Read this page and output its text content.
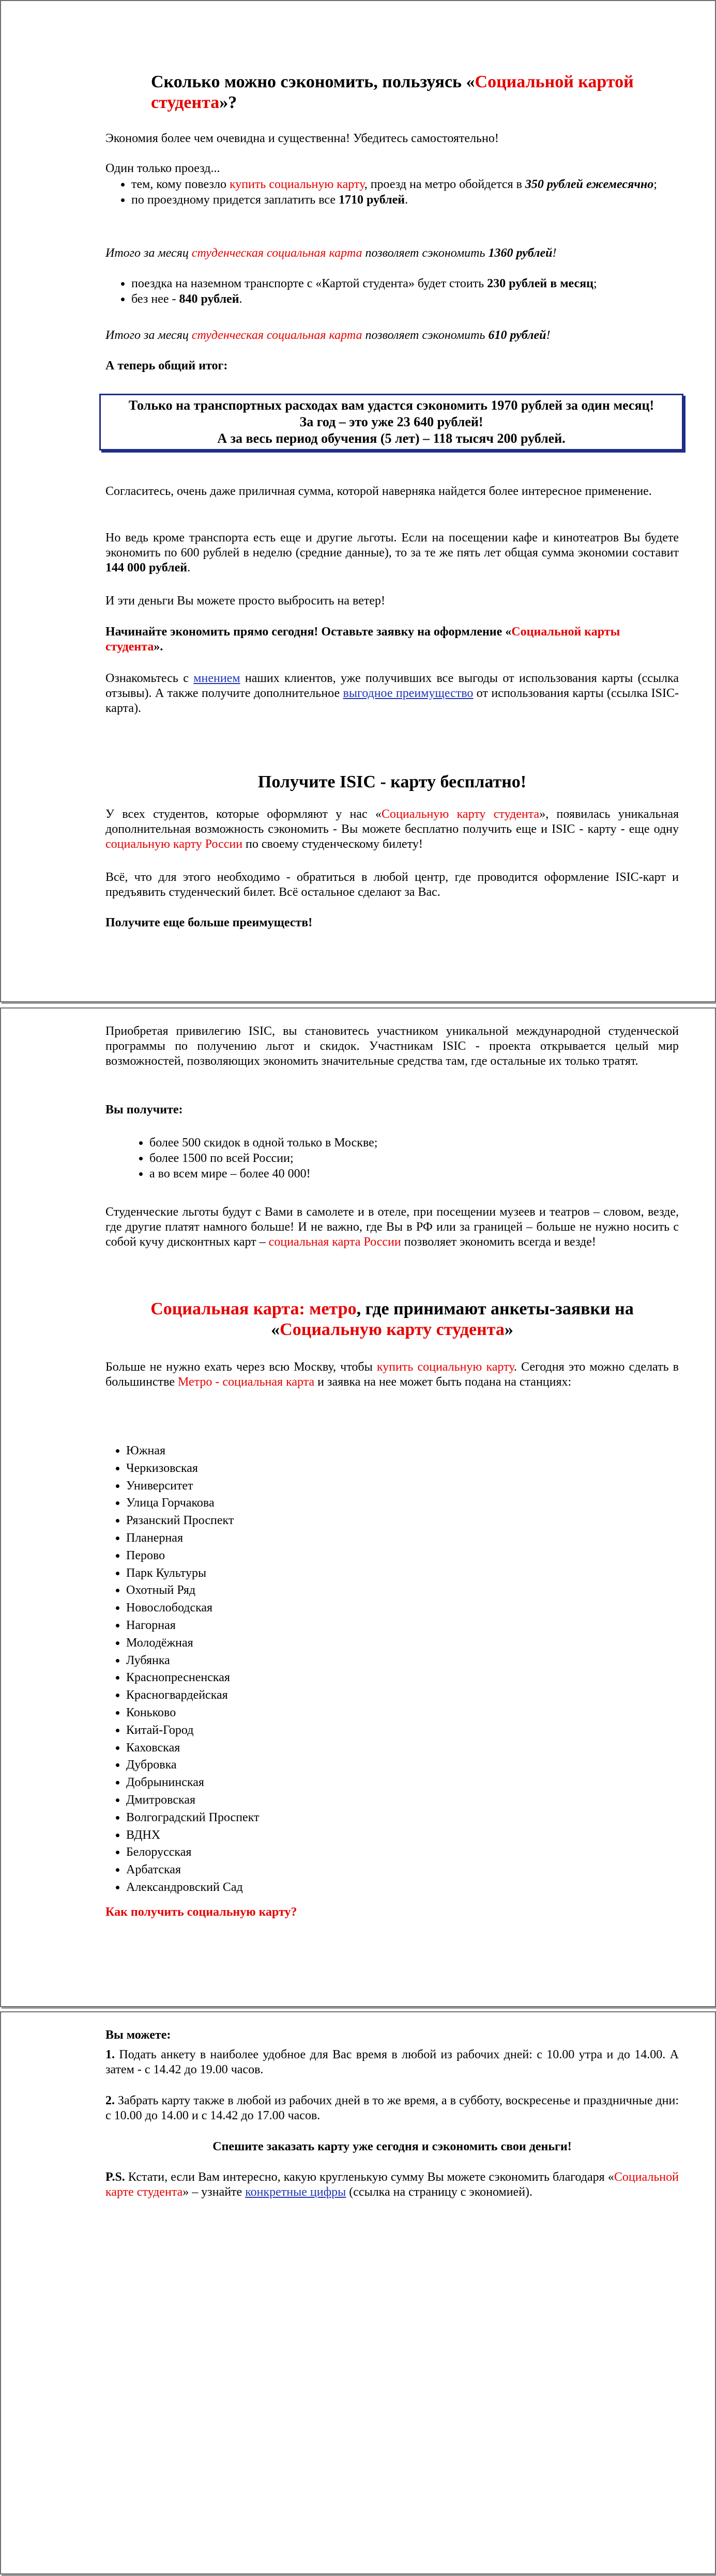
Сколько можно сэкономить, пользуясь «Социальной картой студента»?

Экономия более чем очевидна и существенна! Убедитесь самостоятельно!

Один только проезд...

• тем, кому повезло купить социальную карту, проезд на метро обойдется в 350 рублей ежемесячно;
• по проездному придется заплатить все 1710 рублей.

Итого за месяц студенческая социальная карта позволяет сэкономить 1360 рублей!

• поездка на наземном транспорте с «Картой студента» будет стоить 230 рублей в месяц;
• без нее - 840 рублей.

Итого за месяц студенческая социальная карта позволяет сэкономить 610 рублей!

А теперь общий итог:

Только на транспортных расходах вам удастся сэкономить 1970 рублей за один месяц!
За год – это уже 23 640 рублей!
А за весь период обучения (5 лет) – 118 тысяч 200 рублей.

Согласитесь, очень даже приличная сумма, которой наверняка найдется более интересное применение.

Но ведь кроме транспорта есть еще и другие льготы. Если на посещении кафе и кинотеатров Вы будете экономить по 600 рублей в неделю (средние данные), то за те же пять лет общая сумма экономии составит 144 000 рублей.

И эти деньги Вы можете просто выбросить на ветер!

Начинайте экономить прямо сегодня! Оставьте заявку на оформление «Социальной карты студента».

Ознакомьтесь с мнением наших клиентов, уже получивших все выгоды от использования карты (ссылка отзывы). А также получите дополнительное выгодное преимущество от использования карты (ссылка ISIC-карта).

Получите ISIC - карту бесплатно!

У всех студентов, которые оформляют у нас «Социальную карту студента», появилась уникальная дополнительная возможность сэкономить - Вы можете бесплатно получить еще и ISIC - карту - еще одну социальную карту России по своему студенческому билету!

Всё, что для этого необходимо - обратиться в любой центр, где проводится оформление ISIC-карт и предъявить студенческий билет. Всё остальное сделают за Вас.

Получите еще больше преимуществ!

Приобретая привилегию ISIC, вы становитесь участником уникальной международной студенческой программы по получению льгот и скидок. Участникам ISIC - проекта открывается целый мир возможностей, позволяющих экономить значительные средства там, где остальные их только тратят.

Вы получите:

• более 500 скидок в одной только в Москве;
• более 1500 по всей России;
• а во всем мире – более 40 000!

Студенческие льготы будут с Вами в самолете и в отеле, при посещении музеев и театров – словом, везде, где другие платят намного больше! И не важно, где Вы в РФ или за границей – больше не нужно носить с собой кучу дисконтных карт – социальная карта России позволяет экономить всегда и везде!

Социальная карта: метро, где принимают анкеты-заявки на «Социальную карту студента»

Больше не нужно ехать через всю Москву, чтобы купить социальную карту. Сегодня это можно сделать в большинстве Метро - социальная карта и заявка на нее может быть подана на станциях:

• Южная
• Черкизовская
• Университет
• Улица Горчакова
• Рязанский Проспект
• Планерная
• Перово
• Парк Культуры
• Охотный Ряд
• Новослободская
• Нагорная
• Молодёжная
• Лубянка
• Краснопресненская
• Красногвардейская
• Коньково
• Китай-Город
• Каховская
• Дубровка
• Добрынинская
• Дмитровская
• Волгоградский Проспект
• ВДНХ
• Белорусская
• Арбатская
• Александровский Сад

Как получить социальную карту?

Вы можете:

1. Подать анкету в наиболее удобное для Вас время в любой из рабочих дней: с 10.00 утра и до 14.00. А затем - с 14.42 до 19.00 часов.

2. Забрать карту также в любой из рабочих дней в то же время, а в субботу, воскресенье и праздничные дни: с 10.00 до 14.00 и с 14.42 до 17.00 часов.

Спешите заказать карту уже сегодня и сэкономить свои деньги!

P.S. Кстати, если Вам интересно, какую кругленькую сумму Вы можете сэкономить благодаря «Социальной карте студента» – узнайте конкретные цифры (ссылка на страницу с экономией).
